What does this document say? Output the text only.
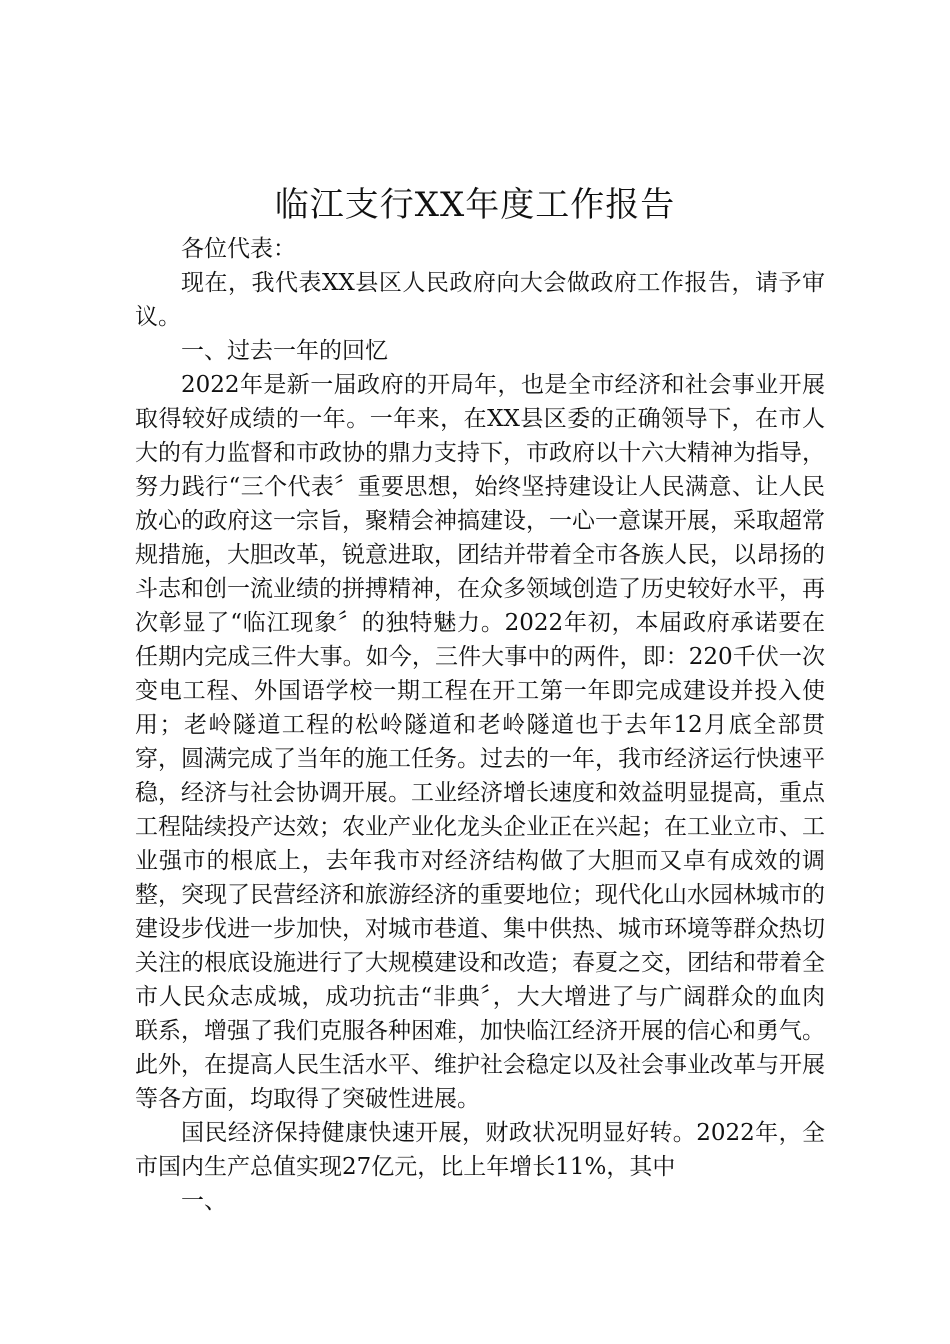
临江支行XX年度工作报告

各位代表：

现在，我代表XX县区人民政府向大会做政府工作报告，请予审议。

一、过去一年的回忆

2022年是新一届政府的开局年，也是全市经济和社会事业开展取得较好成绩的一年。一年来，在XX县区委的正确领导下，在市人大的有力监督和市政协的鼎力支持下，市政府以十六大精神为指导，努力践行“三个代表〞重要思想，始终坚持建设让人民满意、让人民放心的政府这一宗旨，聚精会神搞建设，一心一意谋开展，采取超常规措施，大胆改革，锐意进取，团结并带着全市各族人民，以昂扬的斗志和创一流业绩的拼搏精神，在众多领域创造了历史较好水平，再次彰显了“临江现象〞的独特魅力。2022年初，本届政府承诺要在任期内完成三件大事。如今，三件大事中的两件，即：220千伏一次变电工程、外国语学校一期工程在开工第一年即完成建设并投入使用；老岭隧道工程的松岭隧道和老岭隧道也于去年12月底全部贯穿，圆满完成了当年的施工任务。过去的一年，我市经济运行快速平稳，经济与社会协调开展。工业经济增长速度和效益明显提高，重点工程陆续投产达效；农业产业化龙头企业正在兴起；在工业立市、工业强市的根底上，去年我市对经济结构做了大胆而又卓有成效的调整，突现了民营经济和旅游经济的重要地位；现代化山水园林城市的建设步伐进一步加快，对城市巷道、集中供热、城市环境等群众热切关注的根底设施进行了大规模建设和改造；春夏之交，团结和带着全市人民众志成城，成功抗击“非典〞，大大增进了与广阔群众的血肉联系，增强了我们克服各种困难，加快临江经济开展的信心和勇气。此外，在提高人民生活水平、维护社会稳定以及社会事业改革与开展等各方面，均取得了突破性进展。

国民经济保持健康快速开展，财政状况明显好转。2022年，全市国内生产总值实现27亿元，比上年增长11%，其中

一、
